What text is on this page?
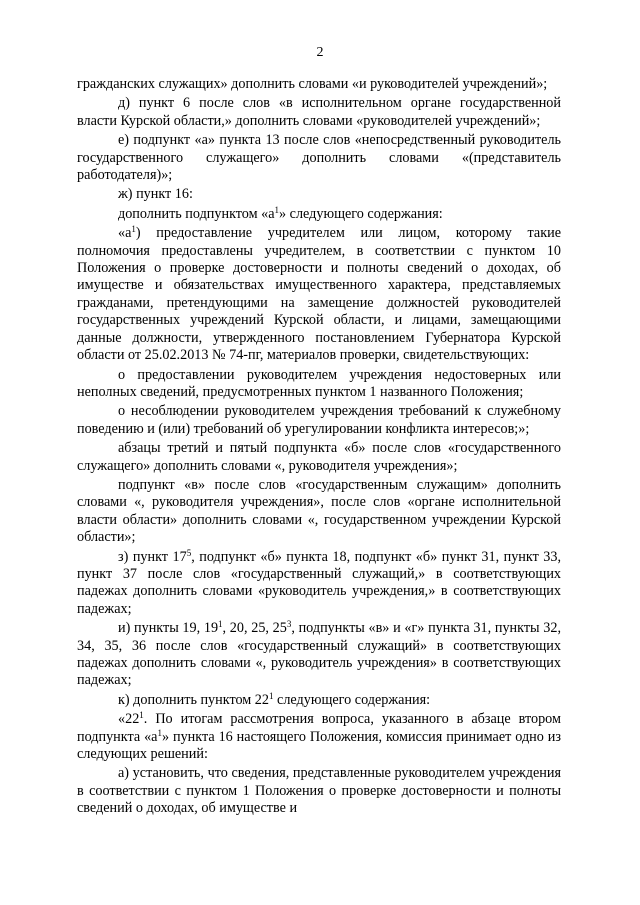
2

гражданских служащих» дополнить словами «и руководителей учреждений»;

д) пункт 6 после слов «в исполнительном органе государственной власти Курской области,» дополнить словами «руководителей учреждений»;

е) подпункт «а» пункта 13 после слов «непосредственный руководитель государственного служащего» дополнить словами «(представитель работодателя)»;

ж) пункт 16:

дополнить подпунктом «$а^1$» следующего содержания:

«$а^1$) предоставление учредителем или лицом, которому такие полномочия предоставлены учредителем, в соответствии с пунктом 10 Положения о проверке достоверности и полноты сведений о доходах, об имуществе и обязательствах имущественного характера, представляемых гражданами, претендующими на замещение должностей руководителей государственных учреждений Курской области, и лицами, замещающими данные должности, утвержденного постановлением Губернатора Курской области от 25.02.2013 № 74-пг, материалов проверки, свидетельствующих:

о предоставлении руководителем учреждения недостоверных или неполных сведений, предусмотренных пунктом 1 названного Положения;

о несоблюдении руководителем учреждения требований к служебному поведению и (или) требований об урегулировании конфликта интересов;»;

абзацы третий и пятый подпункта «б» после слов «государственного служащего» дополнить словами «, руководителя учреждения»;

подпункт «в» после слов «государственным служащим» дополнить словами «, руководителя учреждения», после слов «органе исполнительной власти области» дополнить словами «, государственном учреждении Курской области»;

з) пункт $17^5$, подпункт «б» пункта 18, подпункт «б» пункт 31, пункт 33, пункт 37 после слов «государственный служащий,» в соответствующих падежах дополнить словами «руководитель учреждения,» в соответствующих падежах;

и) пункты 19, $19^1$, 20, 25, $25^3$, подпункты «в» и «г» пункта 31, пункты 32, 34, 35, 36 после слов «государственный служащий» в соответствующих падежах дополнить словами «, руководитель учреждения» в соответствующих падежах;

к) дополнить пунктом $22^1$ следующего содержания:

«$22^1$. По итогам рассмотрения вопроса, указанного в абзаце втором подпункта «$а^1$» пункта 16 настоящего Положения, комиссия принимает одно из следующих решений:

а) установить, что сведения, представленные руководителем учреждения в соответствии с пунктом 1 Положения о проверке достоверности и полноты сведений о доходах, об имуществе и
